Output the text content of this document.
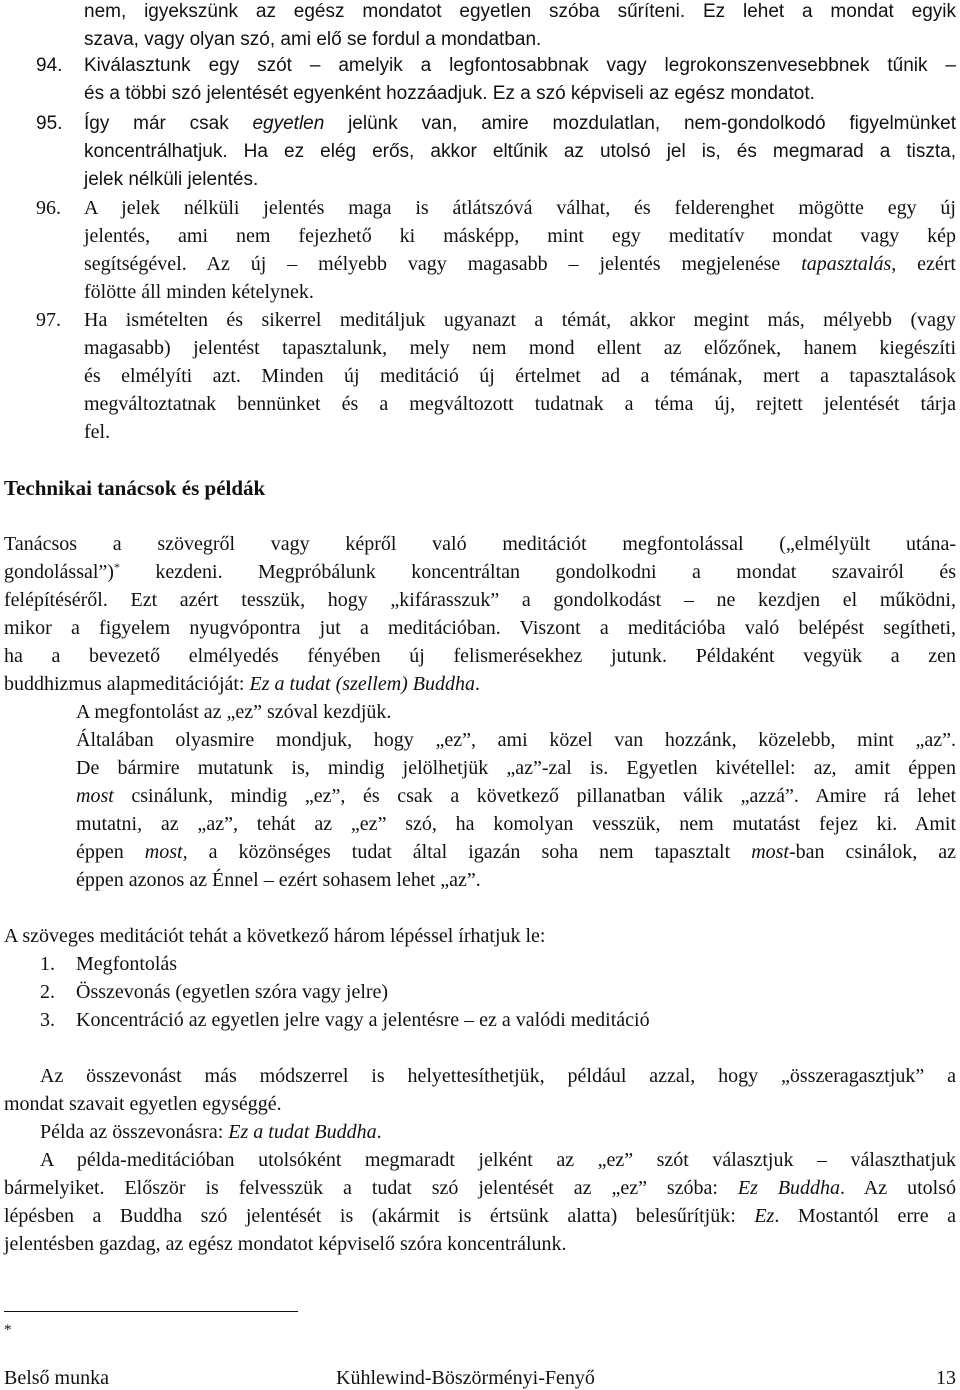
nem, igyekszünk az egész mondatot egyetlen szóba sűríteni. Ez lehet a mondat egyik
szava, vagy olyan szó, ami elő se fordul a mondatban.
94. Kiválasztunk egy szót – amelyik a legfontosabbnak vagy legrokonszenvesebbnek tűnik –
és a többi szó jelentését egyenként hozzáadjuk. Ez a szó képviseli az egész mondatot.
95. Így már csak egyetlen jelünk van, amire mozdulatlan, nem-gondolkodó figyelmünket
koncentrálhatjuk. Ha ez elég erős, akkor eltűnik az utolsó jel is, és megmarad a tiszta,
jelek nélküli jelentés.
96. A jelek nélküli jelentés maga is átlátszóvá válhat, és felderenghet mögötte egy új
jelentés, ami nem fejezhető ki másképp, mint egy meditatív mondat vagy kép
segítségével. Az új – mélyebb vagy magasabb – jelentés megjelenése tapasztalás, ezért
fölötte áll minden kételynek.
97. Ha ismételten és sikerrel meditáljuk ugyanazt a témát, akkor megint más, mélyebb (vagy
magasabb) jelentést tapasztalunk, mely nem mond ellent az előzőnek, hanem kiegészíti
és elmélyíti azt. Minden új meditáció új értelmet ad a témának, mert a tapasztalások
megváltoztatnak bennünket és a megváltozott tudatnak a téma új, rejtett jelentését tárja
fel.
Technikai tanácsok és példák
Tanácsos a szövegről vagy képről való meditációt megfontolással („elmélyült utána-
gondolással”)* kezdeni. Megpróbálunk koncentráltan gondolkodni a mondat szavairól és
felépítéséről. Ezt azért tesszük, hogy „kifárasszuk” a gondolkodást – ne kezdjen el működni,
mikor a figyelem nyugvópontra jut a meditációban. Viszont a meditációba való belépést segítheti,
ha a bevezető elmélyedés fényében új felismerésekhez jutunk. Példaként vegyük a zen
buddhizmus alapmeditációját: Ez a tudat (szellem) Buddha.
A megfontolást az „ez” szóval kezdjük.
Általában olyasmire mondjuk, hogy „ez”, ami közel van hozzánk, közelebb, mint „az”.
De bármire mutatunk is, mindig jelölhetjük „az”-zal is. Egyetlen kivétellel: az, amit éppen
most csinálunk, mindig „ez”, és csak a következő pillanatban válik „azzá”. Amire rá lehet
mutatni, az „az”, tehát az „ez” szó, ha komolyan vesszük, nem mutatást fejez ki. Amit
éppen most, a közönséges tudat által igazán soha nem tapasztalt most-ban csinálok, az
éppen azonos az Énnel – ezért sohasem lehet „az”.
A szöveges meditációt tehát a következő három lépéssel írhatjuk le:
1. Megfontolás
2. Összevonás (egyetlen szóra vagy jelre)
3. Koncentráció az egyetlen jelre vagy a jelentésre – ez a valódi meditáció
Az összevonást más módszerrel is helyettesíthetjük, például azzal, hogy „összeragasztjuk” a
mondat szavait egyetlen egységgé.
Példa az összevonásra: Ez a tudat Buddha.
A példa-meditációban utolsóként megmaradt jelként az „ez” szót választjuk – választhatjuk
bármelyiket. Először is felvesszük a tudat szó jelentését az „ez” szóba: Ez Buddha. Az utolsó
lépésben a Buddha szó jelentését is (akármit is értsünk alatta) belesűrítjük: Ez. Mostantól erre a
jelentésben gazdag, az egész mondatot képviselő szóra koncentrálunk.
*
Belső munka	Kühlewind-Böszörményi-Fenyő	13
